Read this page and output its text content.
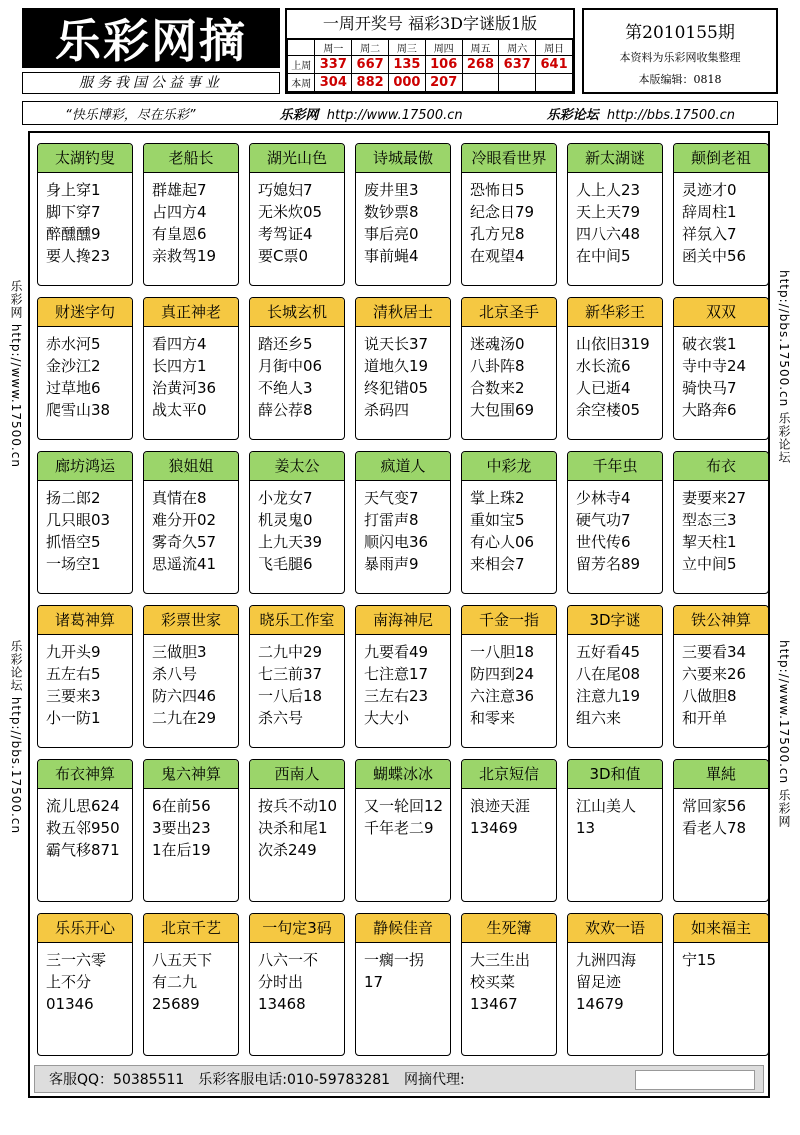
乐彩网摘
服务我国公益事业
一周开奖号 福彩3D字谜版1版
	周一	周二	周三	周四	周五	周六	周日
上周	337	667	135	106	268	637	641
本周	304	882	000	207			
第2010155期
本资料为乐彩网收集整理
本版编辑：0818
“快乐博彩，尽在乐彩”	乐彩网 http://www.17500.cn	乐彩论坛 http://bbs.17500.cn
乐彩网 http://www.17500.cn
乐彩论坛 http://bbs.17500.cn
http://bbs.17500.cn 乐彩论坛
http://www.17500.cn 乐彩网
太湖钓叟
身上穿1
脚下穿7
醉醺醺9
要人搀23
老船长
群雄起7
占四方4
有皇恩6
亲救驾19
湖光山色
巧媳妇7
无米炊05
考驾证4
要C票0
诗城最傲
废井里3
数钞票8
事后亮0
事前蝇4
冷眼看世界
恐怖日5
纪念日79
孔方兄8
在观望4
新太湖谜
人上人23
天上天79
四八六48
在中间5
颠倒老祖
灵迹才0
辞周柱1
祥氛入7
函关中56
财迷字句
赤水河5
金沙江2
过草地6
爬雪山38
真正神老
看四方4
长四方1
治黄河36
战太平0
长城玄机
踏还乡5
月街中06
不绝人3
薛公荐8
清秋居士
说天长37
道地久19
终犯错05
杀码四
北京圣手
迷魂汤0
八卦阵8
合数来2
大包围69
新华彩王
山依旧319
水长流6
人已逝4
余空楼05
双双
破衣裳1
寺中寺24
骑快马7
大路奔6
廊坊鸿运
扬二郎2
几只眼03
抓悟空5
一场空1
狼姐姐
真情在8
难分开02
雾奇久57
思遥流41
姜太公
小龙女7
机灵鬼0
上九天39
飞毛腿6
疯道人
天气变7
打雷声8
顺闪电36
暴雨声9
中彩龙
掌上珠2
重如宝5
有心人06
来相会7
千年虫
少林寺4
硬气功7
世代传6
留芳名89
布衣
妻要来27
型态三3
挈天柱1
立中间5
诸葛神算
九开头9
五左右5
三要来3
小一防1
彩票世家
三做胆3
杀八号
防六四46
二九在29
晓乐工作室
二九中29
七三前37
一八后18
杀六号
南海神尼
九要看49
七注意17
三左右23
大大小
千金一指
一八胆18
防四到24
六注意36
和零来
3D字谜
五好看45
八在尾08
注意九19
组六来
铁公神算
三要看34
六要来26
八做胆8
和开单
布衣神算
流儿思624
救五邻950
霸气移871
鬼六神算
6在前56
3要出23
1在后19
西南人
按兵不动10
决杀和尾1
次杀249
蝴蝶冰冰
又一轮回12
千年老二9
北京短信
浪迹天涯
13469
3D和值
江山美人
13
單純
常回家56
看老人78
乐乐开心
三一六零
上不分
01346
北京千艺
八五天下
有二九
25689
一句定3码
八六一不
分时出
13468
静候佳音
一瘸一拐
17
生死簿
大三生出
校买菜
13467
欢欢一语
九洲四海
留足迹
14679
如来福主
宁15
客服QQ：50385511 乐彩客服电话:010-59783281 网摘代理:
